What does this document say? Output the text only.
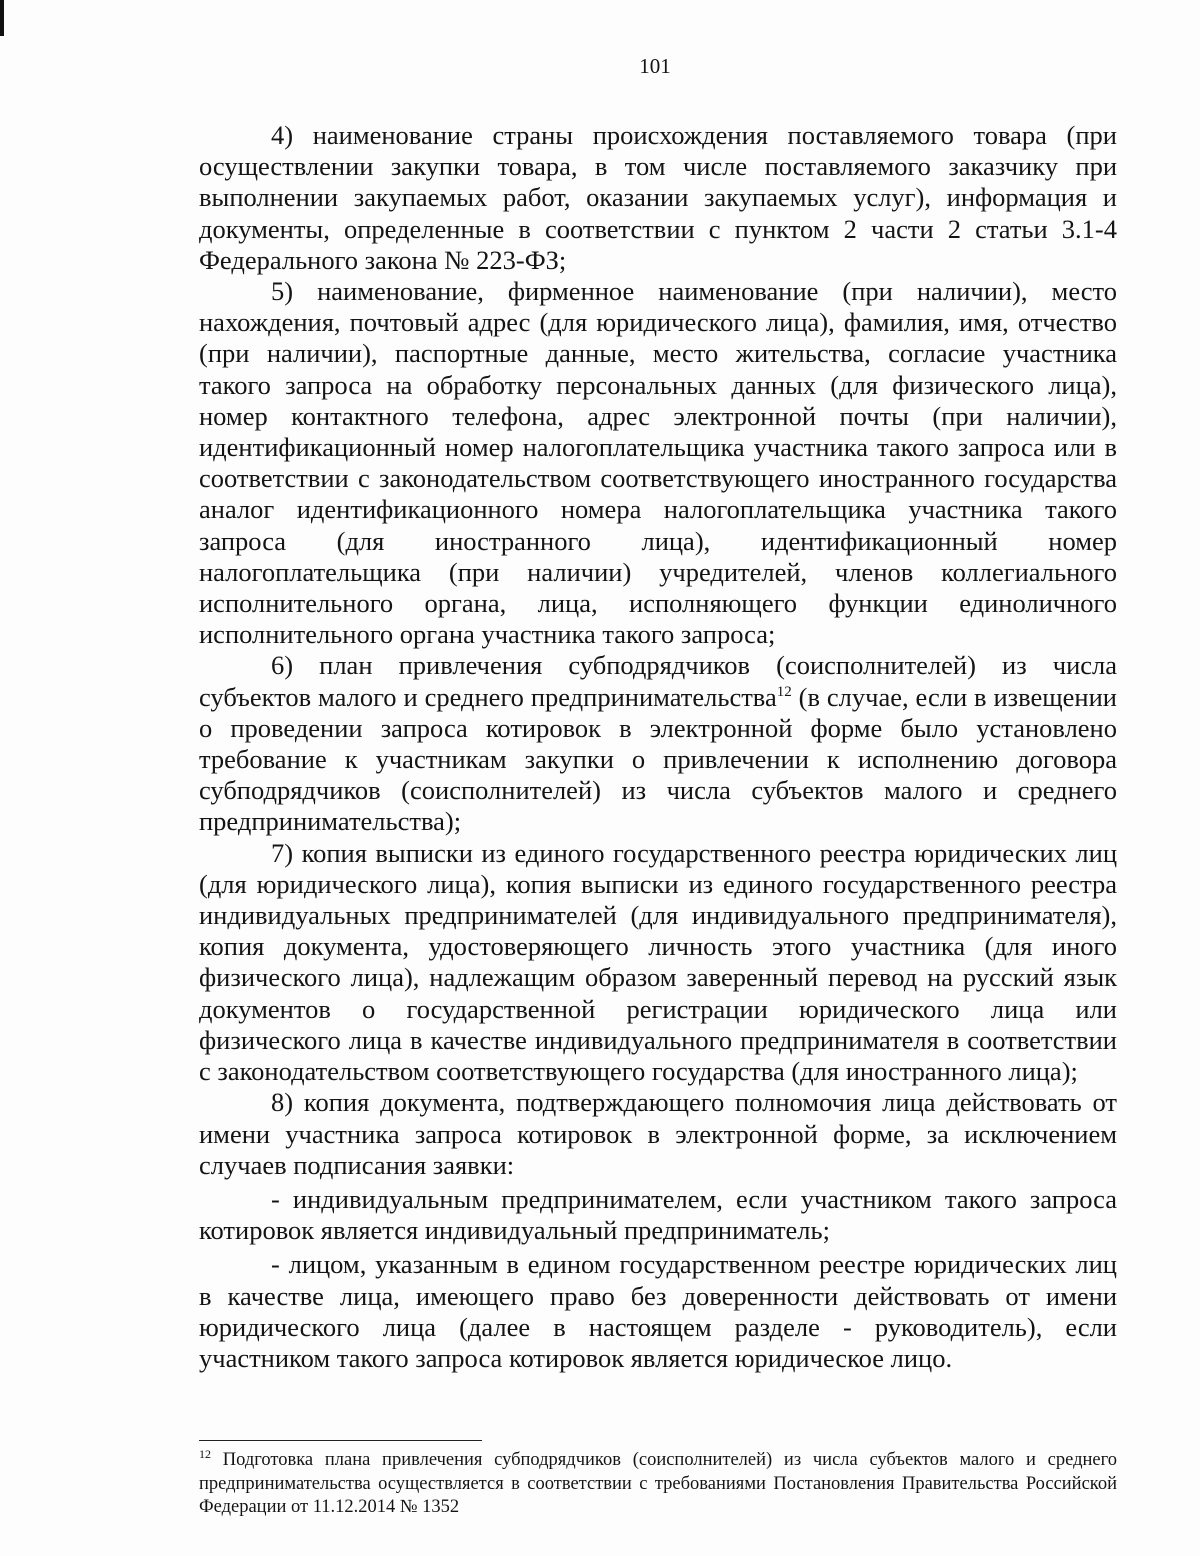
101

4) наименование страны происхождения поставляемого товара (при осуществлении закупки товара, в том числе поставляемого заказчику при выполнении закупаемых работ, оказании закупаемых услуг), информация и документы, определенные в соответствии с пунктом 2 части 2 статьи 3.1-4 Федерального закона № 223-ФЗ;

5) наименование, фирменное наименование (при наличии), место нахождения, почтовый адрес (для юридического лица), фамилия, имя, отчество (при наличии), паспортные данные, место жительства, согласие участника такого запроса на обработку персональных данных (для физического лица), номер контактного телефона, адрес электронной почты (при наличии), идентификационный номер налогоплательщика участника такого запроса или в соответствии с законодательством соответствующего иностранного государства аналог идентификационного номера налогоплательщика участника такого запроса (для иностранного лица), идентификационный номер налогоплательщика (при наличии) учредителей, членов коллегиального исполнительного органа, лица, исполняющего функции единоличного исполнительного органа участника такого запроса;

6) план привлечения субподрядчиков (соисполнителей) из числа субъектов малого и среднего предпринимательства$^{12}$ (в случае, если в извещении о проведении запроса котировок в электронной форме было установлено требование к участникам закупки о привлечении к исполнению договора субподрядчиков (соисполнителей) из числа субъектов малого и среднего предпринимательства);

7) копия выписки из единого государственного реестра юридических лиц (для юридического лица), копия выписки из единого государственного реестра индивидуальных предпринимателей (для индивидуального предпринимателя), копия документа, удостоверяющего личность этого участника (для иного физического лица), надлежащим образом заверенный перевод на русский язык документов о государственной регистрации юридического лица или физического лица в качестве индивидуального предпринимателя в соответствии с законодательством соответствующего государства (для иностранного лица);

8) копия документа, подтверждающего полномочия лица действовать от имени участника запроса котировок в электронной форме, за исключением случаев подписания заявки:

- индивидуальным предпринимателем, если участником такого запроса котировок является индивидуальный предприниматель;

- лицом, указанным в едином государственном реестре юридических лиц в качестве лица, имеющего право без доверенности действовать от имени юридического лица (далее в настоящем разделе - руководитель), если участником такого запроса котировок является юридическое лицо.

$^{12}$ Подготовка плана привлечения субподрядчиков (соисполнителей) из числа субъектов малого и среднего предпринимательства осуществляется в соответствии с требованиями Постановления Правительства Российской Федерации от 11.12.2014 № 1352
